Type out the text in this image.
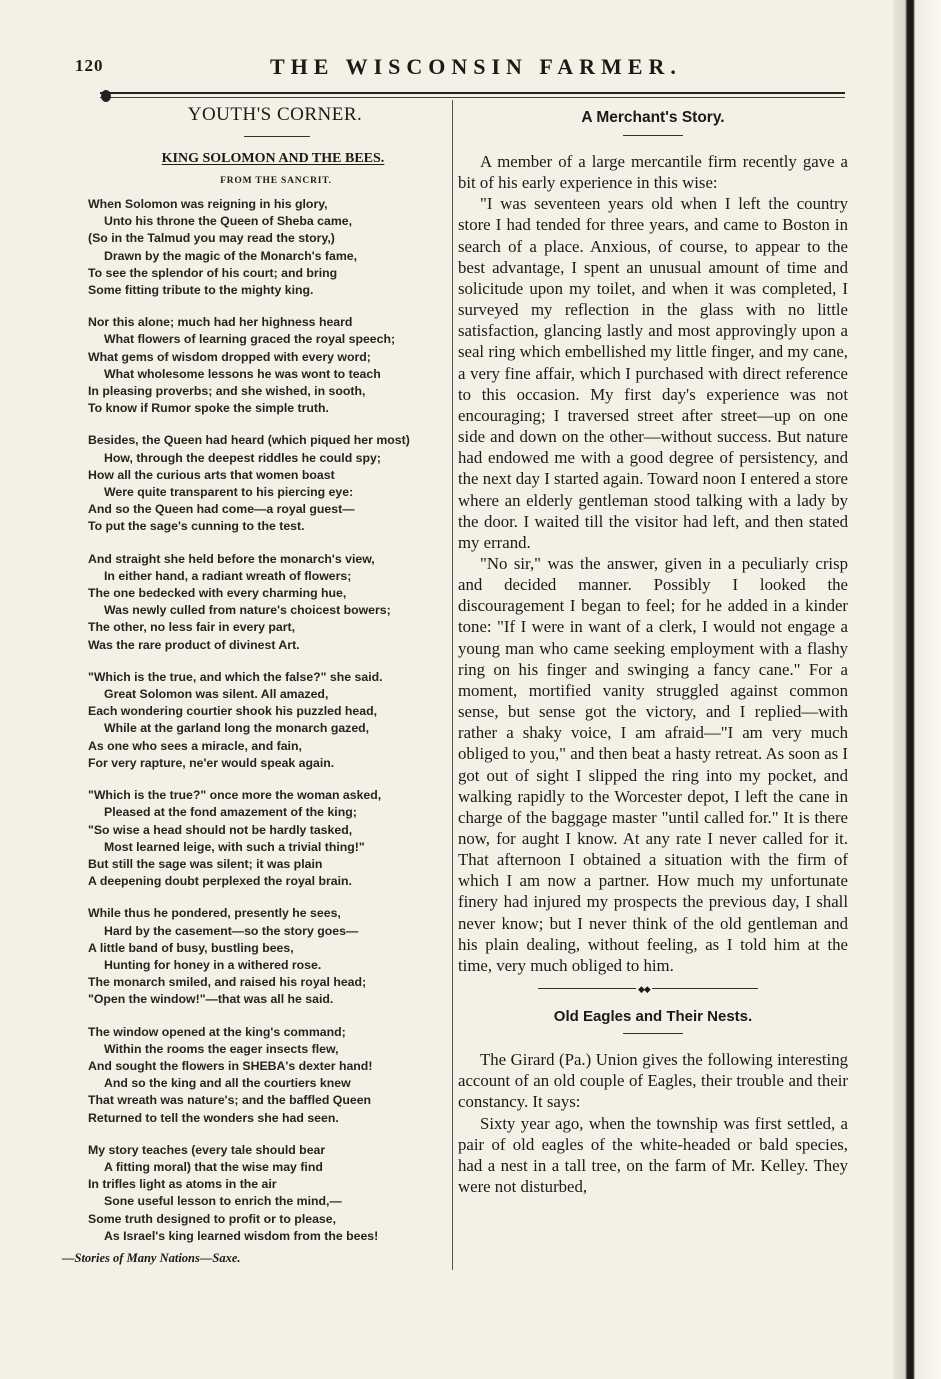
120	THE WISCONSIN FARMER.
YOUTH'S CORNER.
KING SOLOMON AND THE BEES.
FROM THE SANCRIT.
When Solomon was reigning in his glory,
Unto his throne the Queen of Sheba came,
(So in the Talmud you may read the story,)
Drawn by the magic of the Monarch's fame,
To see the splendor of his court; and bring
Some fitting tribute to the mighty king.
Nor this alone; much had her highness heard
What flowers of learning graced the royal speech;
What gems of wisdom dropped with every word;
What wholesome lessons he was wont to teach
In pleasing proverbs; and she wished, in sooth,
To know if Rumor spoke the simple truth.
Besides, the Queen had heard (which piqued her most)
How, through the deepest riddles he could spy;
How all the curious arts that women boast
Were quite transparent to his piercing eye:
And so the Queen had come—a royal guest—
To put the sage's cunning to the test.
And straight she held before the monarch's view,
In either hand, a radiant wreath of flowers;
The one bedecked with every charming hue,
Was newly culled from nature's choicest bowers;
The other, no less fair in every part,
Was the rare product of divinest Art.
"Which is the true, and which the false?" she said.
Great Solomon was silent. All amazed,
Each wondering courtier shook his puzzled head,
While at the garland long the monarch gazed,
As one who sees a miracle, and fain,
For very rapture, ne'er would speak again.
"Which is the true?" once more the woman asked,
Pleased at the fond amazement of the king;
"So wise a head should not be hardly tasked,
Most learned leige, with such a trivial thing!"
But still the sage was silent; it was plain
A deepening doubt perplexed the royal brain.
While thus he pondered, presently he sees,
Hard by the casement—so the story goes—
A little band of busy, bustling bees,
Hunting for honey in a withered rose.
The monarch smiled, and raised his royal head;
"Open the window!"—that was all he said.
The window opened at the king's command;
Within the rooms the eager insects flew,
And sought the flowers in SHEBA's dexter hand!
And so the king and all the courtiers knew
That wreath was nature's; and the baffled Queen
Returned to tell the wonders she had seen.
My story teaches (every tale should bear
A fitting moral) that the wise may find
In trifles light as atoms in the air
Sone useful lesson to enrich the mind,—
Some truth designed to profit or to please,
As Israel's king learned wisdom from the bees!
—Stories of Many Nations—Saxe.
A Merchant's Story.

A member of a large mercantile firm recently gave a bit of his early experience in this wise:

"I was seventeen years old when I left the country store I had tended for three years, and came to Boston in search of a place. Anxious, of course, to appear to the best advantage, I spent an unusual amount of time and solicitude upon my toilet, and when it was completed, I surveyed my reflection in the glass with no little satisfaction, glancing lastly and most approvingly upon a seal ring which embellished my little finger, and my cane, a very fine affair, which I purchased with direct reference to this occasion. My first day's experience was not encouraging; I traversed street after street—up on one side and down on the other—without success. But nature had endowed me with a good degree of persistency, and the next day I started again. Toward noon I entered a store where an elderly gentleman stood talking with a lady by the door. I waited till the visitor had left, and then stated my errand.

"No sir," was the answer, given in a peculiarly crisp and decided manner. Possibly I looked the discouragement I began to feel; for he added in a kinder tone: "If I were in want of a clerk, I would not engage a young man who came seeking employment with a flashy ring on his finger and swinging a fancy cane." For a moment, mortified vanity struggled against common sense, but sense got the victory, and I replied—with rather a shaky voice, I am afraid—"I am very much obliged to you," and then beat a hasty retreat. As soon as I got out of sight I slipped the ring into my pocket, and walking rapidly to the Worcester depot, I left the cane in charge of the baggage master "until called for." It is there now, for aught I know. At any rate I never called for it. That afternoon I obtained a situation with the firm of which I am now a partner. How much my unfortunate finery had injured my prospects the previous day, I shall never know; but I never think of the old gentleman and his plain dealing, without feeling, as I told him at the time, very much obliged to him.

◆◆
Old Eagles and Their Nests.

The Girard (Pa.) Union gives the following interesting account of an old couple of Eagles, their trouble and their constancy. It says:

Sixty year ago, when the township was first settled, a pair of old eagles of the white-headed or bald species, had a nest in a tall tree, on the farm of Mr. Kelley. They were not disturbed,
